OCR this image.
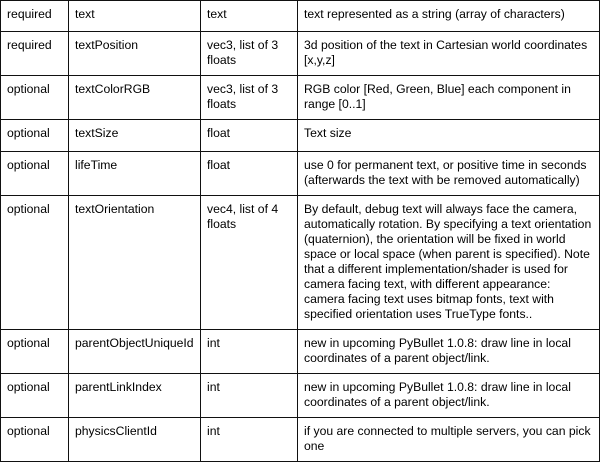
required	text	text	text represented as a string (array of characters)
required	textPosition	vec3, list of 3 floats	3d position of the text in Cartesian world coordinates [x,y,z]
optional	textColorRGB	vec3, list of 3 floats	RGB color [Red, Green, Blue] each component in range [0..1]
optional	textSize	float	Text size
optional	lifeTime	float	use 0 for permanent text, or positive time in seconds (afterwards the text with be removed automatically)
optional	textOrientation	vec4, list of 4 floats	By default, debug text will always face the camera, automatically rotation. By specifying a text orientation (quaternion), the orientation will be fixed in world space or local space (when parent is specified). Note that a different implementation/shader is used for camera facing text, with different appearance: camera facing text uses bitmap fonts, text with specified orientation uses TrueType fonts..
optional	parentObjectUniqueId	int	new in upcoming PyBullet 1.0.8: draw line in local coordinates of a parent object/link.
optional	parentLinkIndex	int	new in upcoming PyBullet 1.0.8: draw line in local coordinates of a parent object/link.
optional	physicsClientId	int	if you are connected to multiple servers, you can pick one
